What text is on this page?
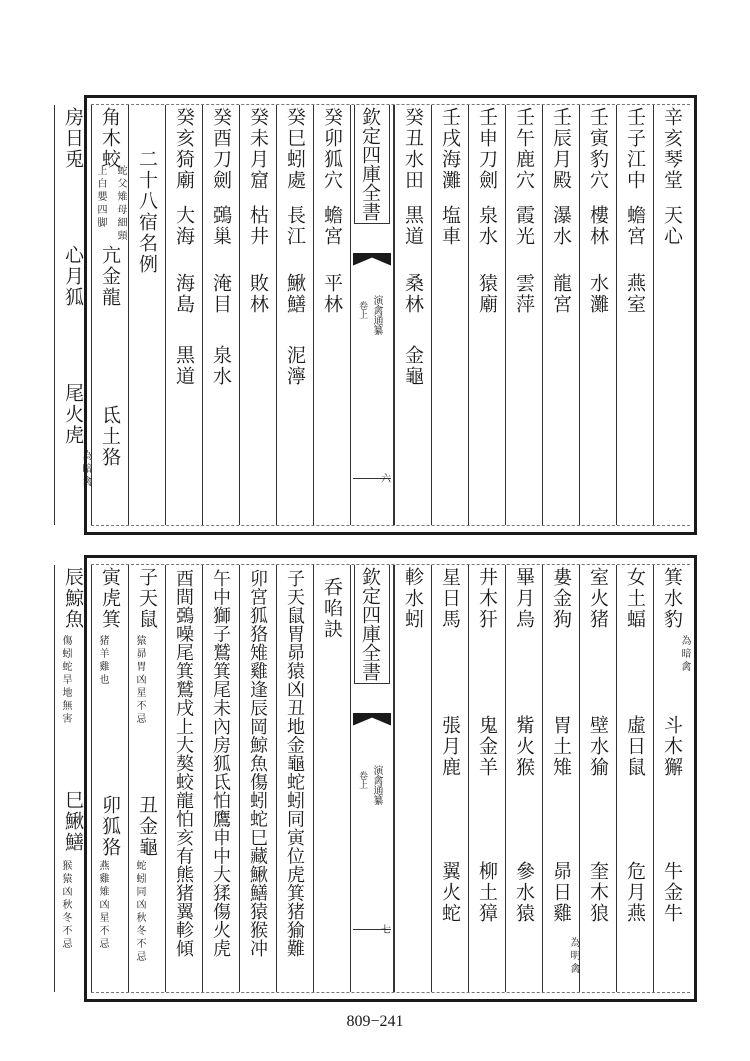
辛亥琴堂
天心
壬子江中
蟾宮
燕室
壬寅豹穴
樓林
水灘
壬辰月殿
瀑水
龍宮
壬午鹿穴
霞光
雲萍
壬申刀劍
泉水
猿廟
壬戌海灘
塩車
癸丑水田
黒道
桑林
金龜
欽定四庫全書
演禽通纂
卷上
六
癸卯狐穴
蟾宮
平林
癸巳蚓處
長江
鰍鱔
泥濘
癸未月窟
枯井
敗林
癸酉刀劍
鵶巢
淹目
泉水
癸亥猗廟
大海
海島
黒道
二十八宿名例
角木蛟
蛇父雉母細頸
上白嬰四脚
亢金龍
氐土狢
房日兎
心月狐
尾火虎
為暗禽
箕水豹
為暗禽
斗木獬
牛金牛
女土蝠
虛日鼠
危月燕
室火猪
壁水㺄
奎木狼
婁金狗
胃土雉
昴日雞
為明禽
畢月烏
觜火猴
參水猿
井木犴
鬼金羊
柳土獐
星日馬
張月鹿
翼火蛇
軫水蚓
欽定四庫全書
演禽通纂
卷上
七
呑啗訣
子天鼠胃昴猿凶丑地金龜蛇蚓同寅位虎箕猪㺄難
卯宮狐狢雉雞逢辰岡鯨魚傷蚓蛇巳藏鰍鱔猿猴冲
午中獅子鷲箕尾未內房狐氐怕鷹申中大猱傷火虎
酉間鵶噪尾箕鷲戌上大獒蛟龍怕亥有熊猪翼軫傾
子天鼠
猿昴胃凶星不忌
丑金龜
蛇蚓同凶秋冬不忌
寅虎箕
猪羊雞也
卯狐狢
燕雞雉凶星不忌
辰鯨魚
傷蚓蛇旱地無害
巳鰍鱔
猴猿凶秋冬不忌
809−241
